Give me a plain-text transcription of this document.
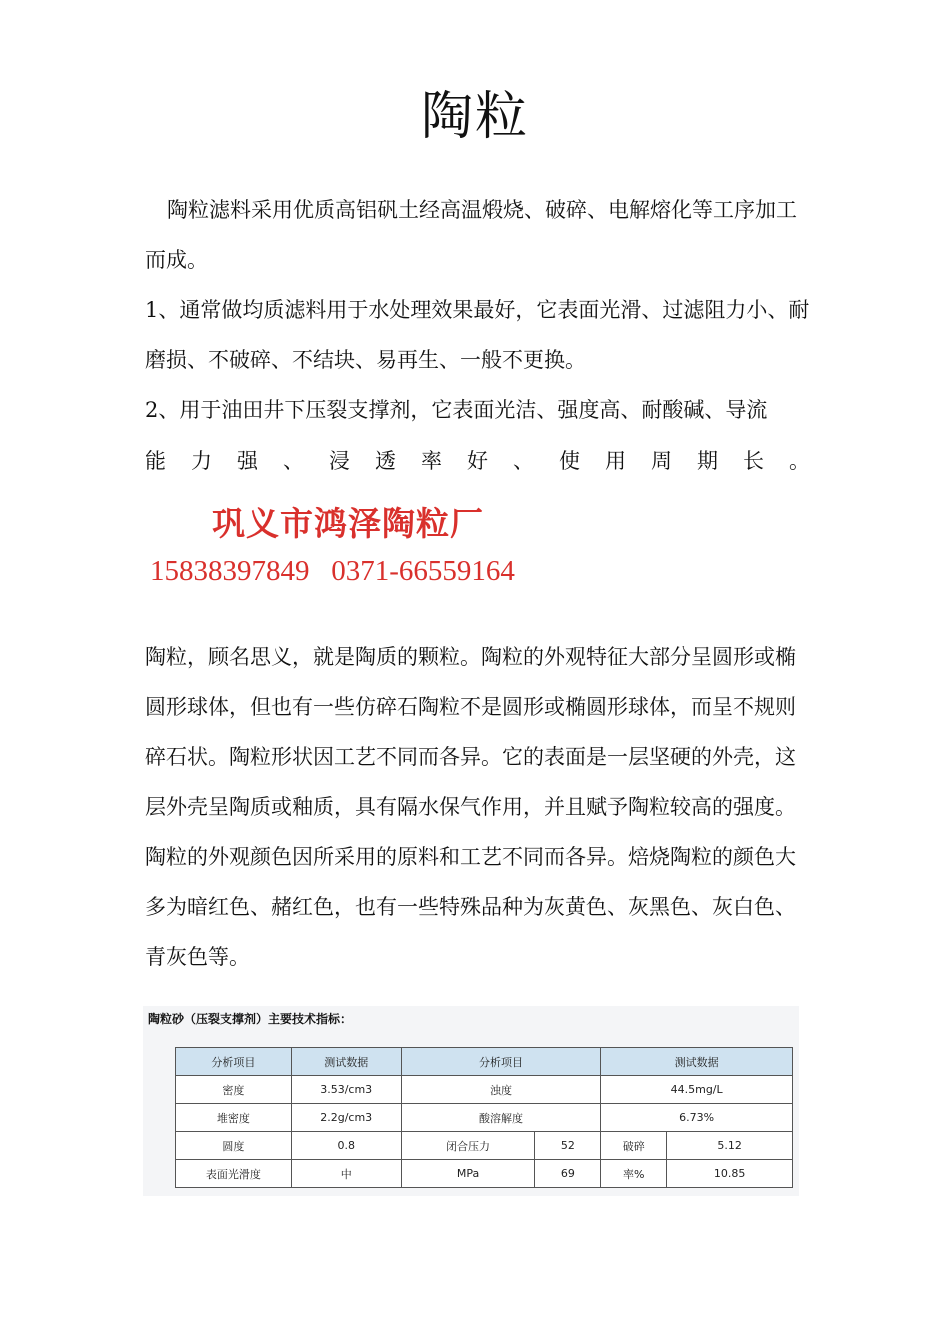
陶粒

陶粒滤料采用优质高铝矾土经高温煅烧、破碎、电解熔化等工序加工而成。

1、通常做均质滤料用于水处理效果最好，它表面光滑、过滤阻力小、耐磨损、不破碎、不结块、易再生、一般不更换。

2、用于油田井下压裂支撑剂，它表面光洁、强度高、耐酸碱、导流

能 力 强 、 浸 透 率 好 、 使 用 周 期 长 。
巩义市鸿泽陶粒厂
15838397849   0371-66559164

陶粒，顾名思义，就是陶质的颗粒。陶粒的外观特征大部分呈圆形或椭圆形球体，但也有一些仿碎石陶粒不是圆形或椭圆形球体，而呈不规则碎石状。陶粒形状因工艺不同而各异。它的表面是一层坚硬的外壳，这层外壳呈陶质或釉质，具有隔水保气作用，并且赋予陶粒较高的强度。陶粒的外观颜色因所采用的原料和工艺不同而各异。焙烧陶粒的颜色大多为暗红色、赭红色，也有一些特殊品种为灰黄色、灰黑色、灰白色、青灰色等。

陶粒砂（压裂支撑剂）主要技术指标：
分析项目	测试数据	分析项目		测试数据	
密度	3.53/cm3	浊度		44.5mg/L	
堆密度	2.2g/cm3	酸溶解度		6.73%	
圆度	0.8	闭合压力	52	破碎	5.12
表面光滑度	中	MPa	69	率%	10.85
